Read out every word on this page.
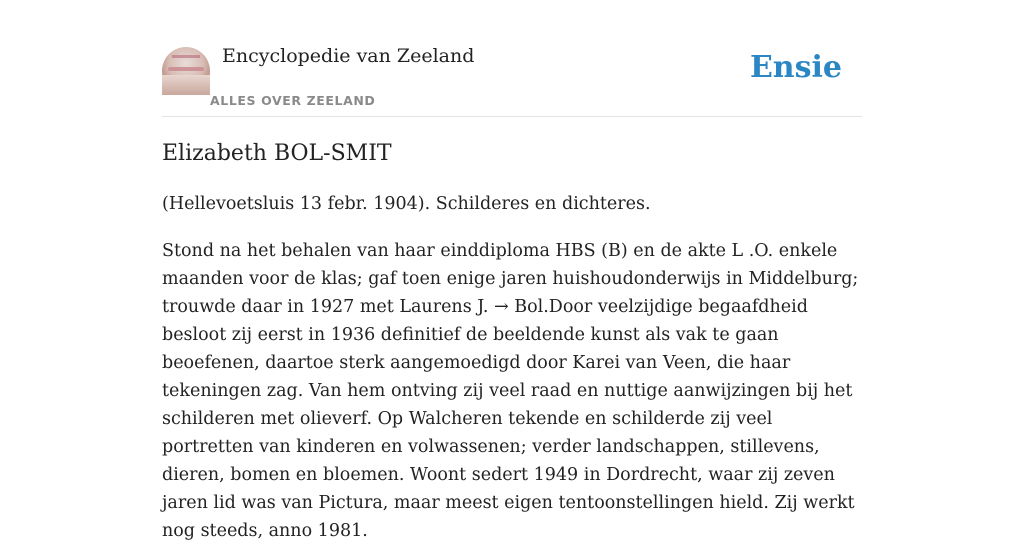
Encyclopedie van Zeeland
ALLES OVER ZEELAND
Ensie
Elizabeth BOL-SMIT

(Hellevoetsluis 13 febr. 1904). Schilderes en dichteres.

Stond na het behalen van haar einddiploma HBS (B) en de akte L .O. enkele maanden voor de klas; gaf toen enige jaren huishoudonderwijs in Middelburg; trouwde daar in 1927 met Laurens J. → Bol.Door veelzijdige begaafdheid besloot zij eerst in 1936 definitief de beeldende kunst als vak te gaan beoefenen, daartoe sterk aangemoedigd door Karei van Veen, die haar tekeningen zag. Van hem ontving zij veel raad en nuttige aanwijzingen bij het schilderen met olieverf. Op Walcheren tekende en schilderde zij veel portretten van kinderen en volwassenen; verder landschappen, stillevens, dieren, bomen en bloemen. Woont sedert 1949 in Dordrecht, waar zij zeven jaren lid was van Pictura, maar meest eigen tentoonstellingen hield. Zij werkt nog steeds, anno 1981.
